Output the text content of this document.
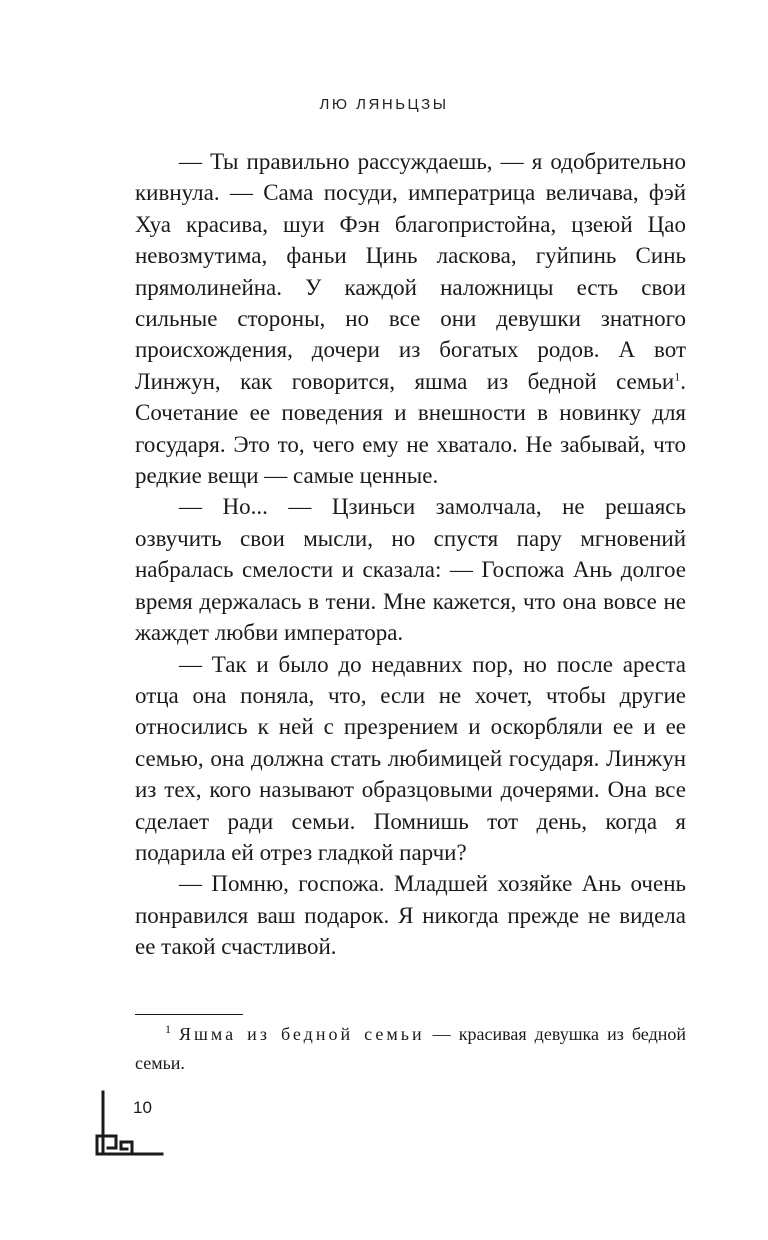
ЛЮ ЛЯНЬЦЗЫ

— Ты правильно рассуждаешь, — я одобрительно кивнула. — Сама посуди, императрица величава, фэй Хуа красива, шуи Фэн благопристойна, цзеюй Цао невозмутима, фаньи Цинь ласкова, гуйпинь Синь прямолинейна. У каждой наложницы есть свои сильные стороны, но все они девушки знатного происхождения, дочери из богатых родов. А вот Линжун, как говорится, яшма из бедной семьи$^1$. Сочетание ее поведения и внешности в новинку для государя. Это то, чего ему не хватало. Не забывай, что редкие вещи — самые ценные.

— Но... — Цзиньси замолчала, не решаясь озвучить свои мысли, но спустя пару мгновений набралась смелости и сказала: — Госпожа Ань долгое время держалась в тени. Мне кажется, что она вовсе не жаждет любви императора.

— Так и было до недавних пор, но после ареста отца она поняла, что, если не хочет, чтобы другие относились к ней с презрением и оскорбляли ее и ее семью, она должна стать любимицей государя. Линжун из тех, кого называют образцовыми дочерями. Она все сделает ради семьи. Помнишь тот день, когда я подарила ей отрез гладкой парчи?

— Помню, госпожа. Младшей хозяйке Ань очень понравился ваш подарок. Я никогда прежде не видела ее такой счастливой.

$^1$ Яшма из бедной семьи — красивая девушка из бедной семьи.
10
